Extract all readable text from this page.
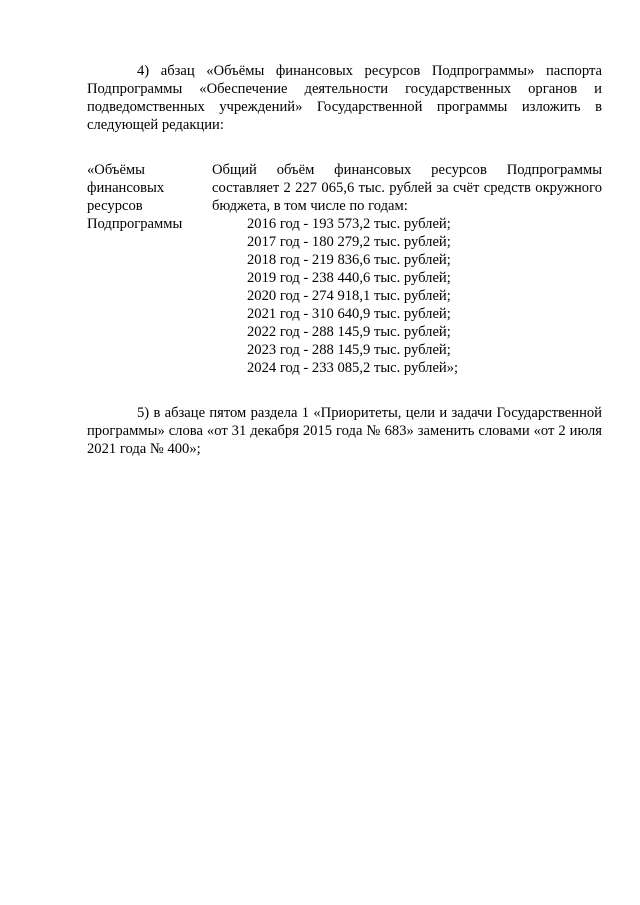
4) абзац «Объёмы финансовых ресурсов Подпрограммы» паспорта Подпрограммы «Обеспечение деятельности государственных органов и подведомственных учреждений» Государственной программы изложить в следующей редакции:

«Объёмы
финансовых
ресурсов
Подпрограммы

Общий объём финансовых ресурсов Подпрограммы составляет 2 227 065,6 тыс. рублей за счёт средств окружного бюджета, в том числе по годам:

2016 год - 193 573,2 тыс. рублей;
2017 год - 180 279,2 тыс. рублей;
2018 год - 219 836,6 тыс. рублей;
2019 год - 238 440,6 тыс. рублей;
2020 год - 274 918,1 тыс. рублей;
2021 год - 310 640,9 тыс. рублей;
2022 год - 288 145,9 тыс. рублей;
2023 год - 288 145,9 тыс. рублей;
2024 год - 233 085,2 тыс. рублей»;

5) в абзаце пятом раздела 1 «Приоритеты, цели и задачи Государственной программы» слова «от 31 декабря 2015 года № 683» заменить словами «от 2 июля 2021 года № 400»;
